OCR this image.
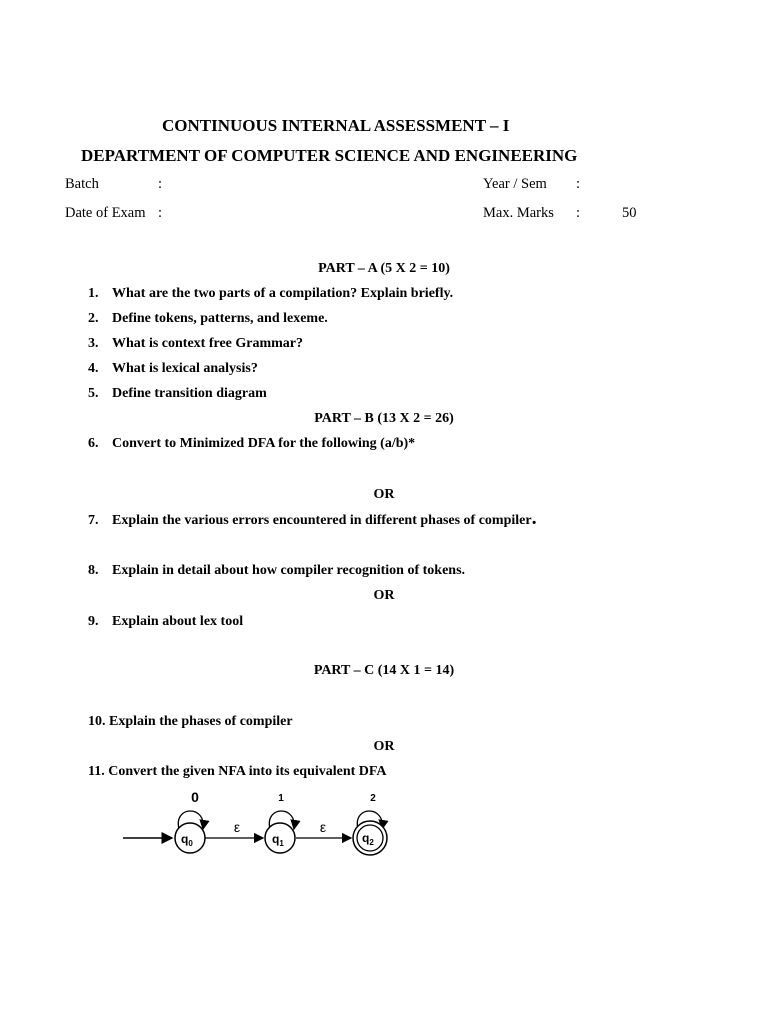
CONTINUOUS INTERNAL ASSESSMENT – I
DEPARTMENT OF COMPUTER SCIENCE AND ENGINEERING
Batch	:	Year / Sem :
Date of Exam :	Max. Marks :	50
PART – A (5 X 2 = 10)
1. What are the two parts of a compilation? Explain briefly.
2. Define tokens, patterns, and lexeme.
3. What is context free Grammar?
4. What is lexical analysis?
5. Define transition diagram
PART – B (13 X 2 = 26)
6. Convert to Minimized DFA for the following (a/b)*
OR
7. Explain the various errors encountered in different phases of compiler.
8. Explain in detail about how compiler recognition of tokens.
OR
9. Explain about lex tool
PART – C (14 X 1 = 14)
10. Explain the phases of compiler
OR
11. Convert the given NFA into its equivalent DFA
0
$q_0$
ε
1
$q_1$
ε
2
$q_2$
